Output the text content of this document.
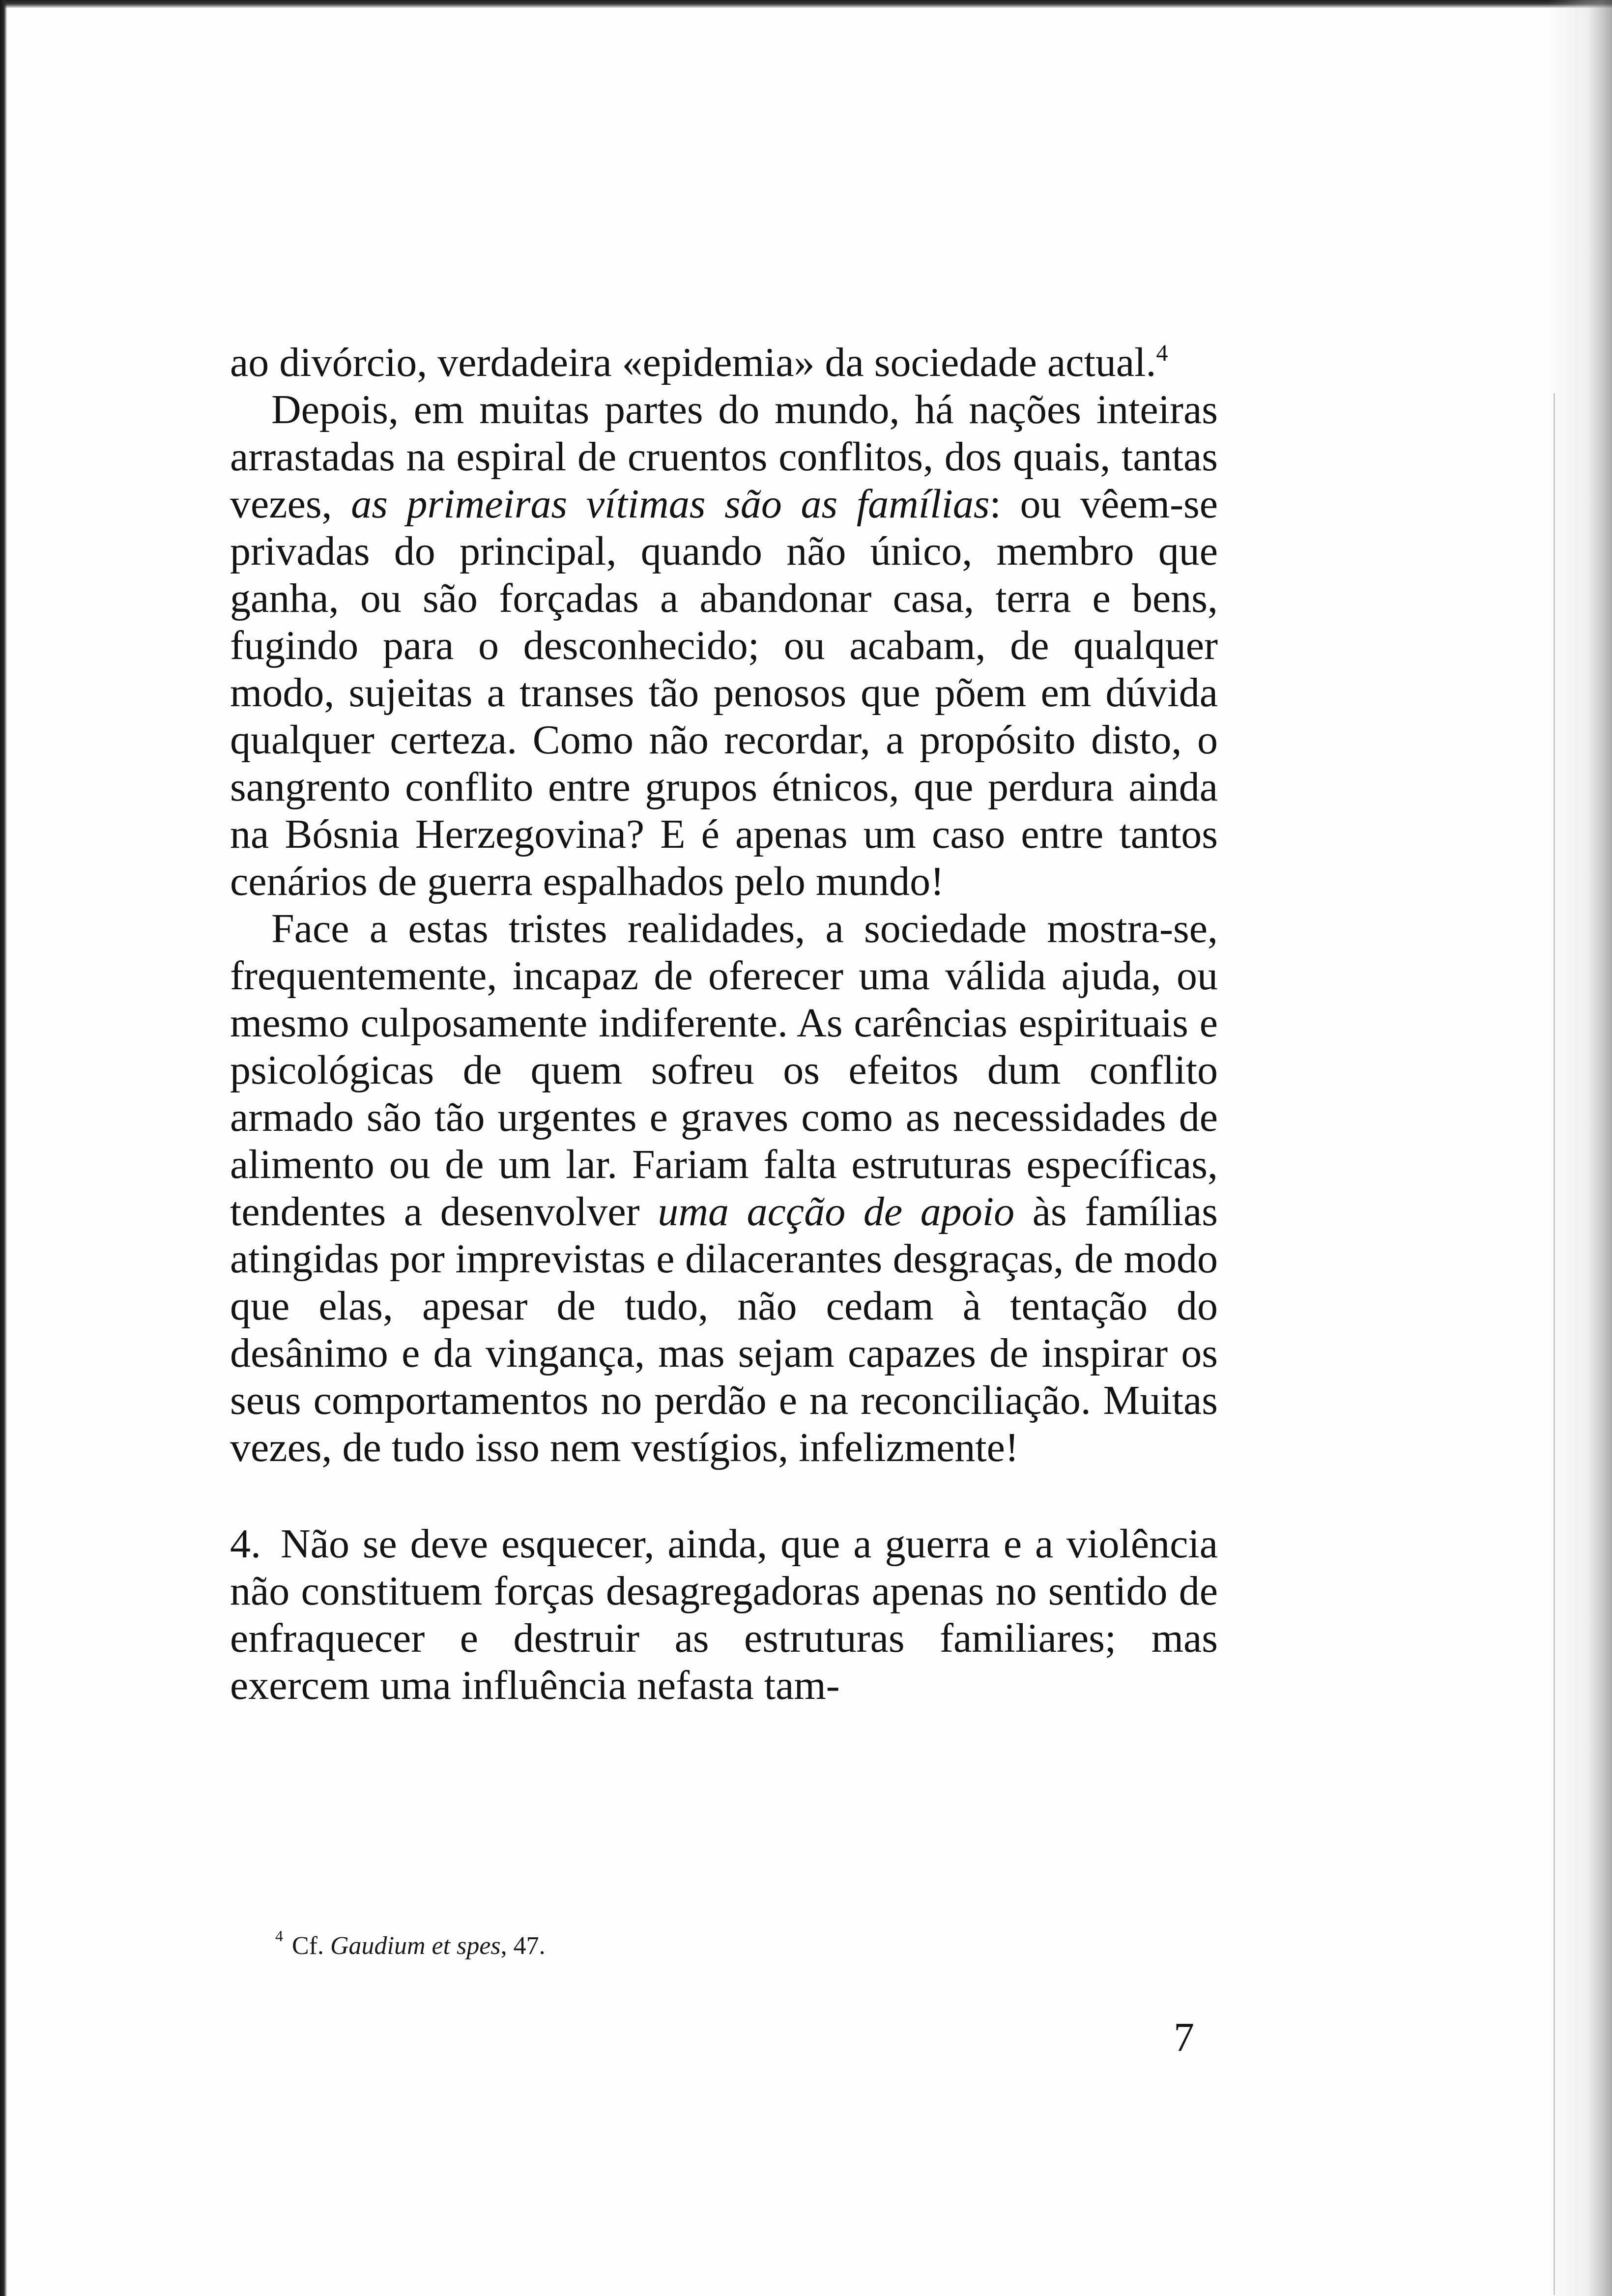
ao divórcio, verdadeira «epidemia» da sociedade actual.$^4$

Depois, em muitas partes do mundo, há nações inteiras arrastadas na espiral de cruentos conflitos, dos quais, tantas vezes, as primeiras vítimas são as famílias: ou vêem-se privadas do principal, quando não único, membro que ganha, ou são forçadas a abandonar casa, terra e bens, fugindo para o desconhecido; ou acabam, de qualquer modo, sujeitas a transes tão penosos que põem em dúvida qualquer certeza. Como não recordar, a propósito disto, o sangrento conflito entre grupos étnicos, que perdura ainda na Bósnia Herzegovina? E é apenas um caso entre tantos cenários de guerra espalhados pelo mundo!

Face a estas tristes realidades, a sociedade mostra-se, frequentemente, incapaz de oferecer uma válida ajuda, ou mesmo culposamente indiferente. As carências espirituais e psicológicas de quem sofreu os efeitos dum conflito armado são tão urgentes e graves como as necessidades de alimento ou de um lar. Fariam falta estruturas específicas, tendentes a desenvolver uma acção de apoio às famílias atingidas por imprevistas e dilacerantes desgraças, de modo que elas, apesar de tudo, não cedam à tentação do desânimo e da vingança, mas sejam capazes de inspirar os seus comportamentos no perdão e na reconciliação. Muitas vezes, de tudo isso nem vestígios, infelizmente!

4. Não se deve esquecer, ainda, que a guerra e a violência não constituem forças desagregadoras apenas no sentido de enfraquecer e destruir as estruturas familiares; mas exercem uma influência nefasta tam-

$^4$ Cf. Gaudium et spes, 47.
7
